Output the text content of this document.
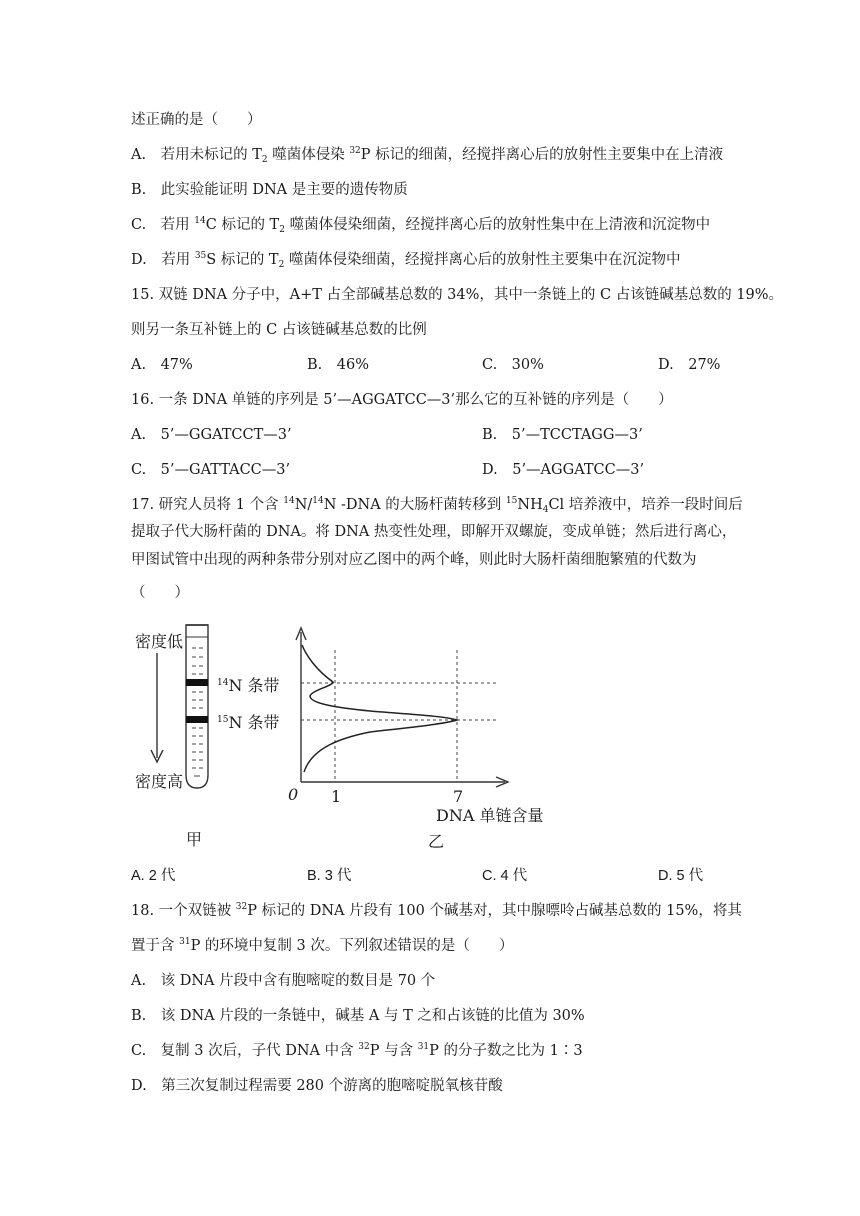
述正确的是（　　）
A.　若用未标记的 $T_2$ 噬菌体侵染 $^{32}$P 标记的细菌，经搅拌离心后的放射性主要集中在上清液
B.　此实验能证明 DNA 是主要的遗传物质
C.　若用 $^{14}$C 标记的 $T_2$ 噬菌体侵染细菌，经搅拌离心后的放射性集中在上清液和沉淀物中
D.　若用 $^{35}$S 标记的 $T_2$ 噬菌体侵染细菌，经搅拌离心后的放射性主要集中在沉淀物中
15. 双链 DNA 分子中，A+T 占全部碱基总数的 34%，其中一条链上的 C 占该链碱基总数的 19%。
则另一条互补链上的 C 占该链碱基总数的比例
A.　47%	B.　46%	C.　30%	D.　27%
16. 一条 DNA 单链的序列是 5’—AGGATCC—3’那么它的互补链的序列是（　　）
A.　5’—GGATCCT—3’	B.　5’—TCCTAGG—3’
C.　5’—GATTACC—3’	D.　5’—AGGATCC—3’
17. 研究人员将 1 个含 $^{14}$N/$^{14}$N -DNA 的大肠杆菌转移到 $^{15}NH_4Cl$ 培养液中，培养一段时间后
提取子代大肠杆菌的 DNA。将 DNA 热变性处理，即解开双螺旋，变成单链；然后进行离心，
甲图试管中出现的两种条带分别对应乙图中的两个峰，则此时大肠杆菌细胞繁殖的代数为
（　　）
密度低
密度高
$^{14}$N 条带
$^{15}$N 条带
0 1	7
DNA 单链含量
甲	乙
A. 2 代	B. 3 代	C. 4 代	D. 5 代
18. 一个双链被 $^{32}$P 标记的 DNA 片段有 100 个碱基对，其中腺嘌呤占碱基总数的 15%，将其
置于含 $^{31}$P 的环境中复制 3 次。下列叙述错误的是（　　）
A.　该 DNA 片段中含有胞嘧啶的数目是 70 个
B.　该 DNA 片段的一条链中，碱基 A 与 T 之和占该链的比值为 30%
C.　复制 3 次后，子代 DNA 中含 $^{32}$P 与含 $^{31}$P 的分子数之比为 1∶3
D.　第三次复制过程需要 280 个游离的胞嘧啶脱氧核苷酸
